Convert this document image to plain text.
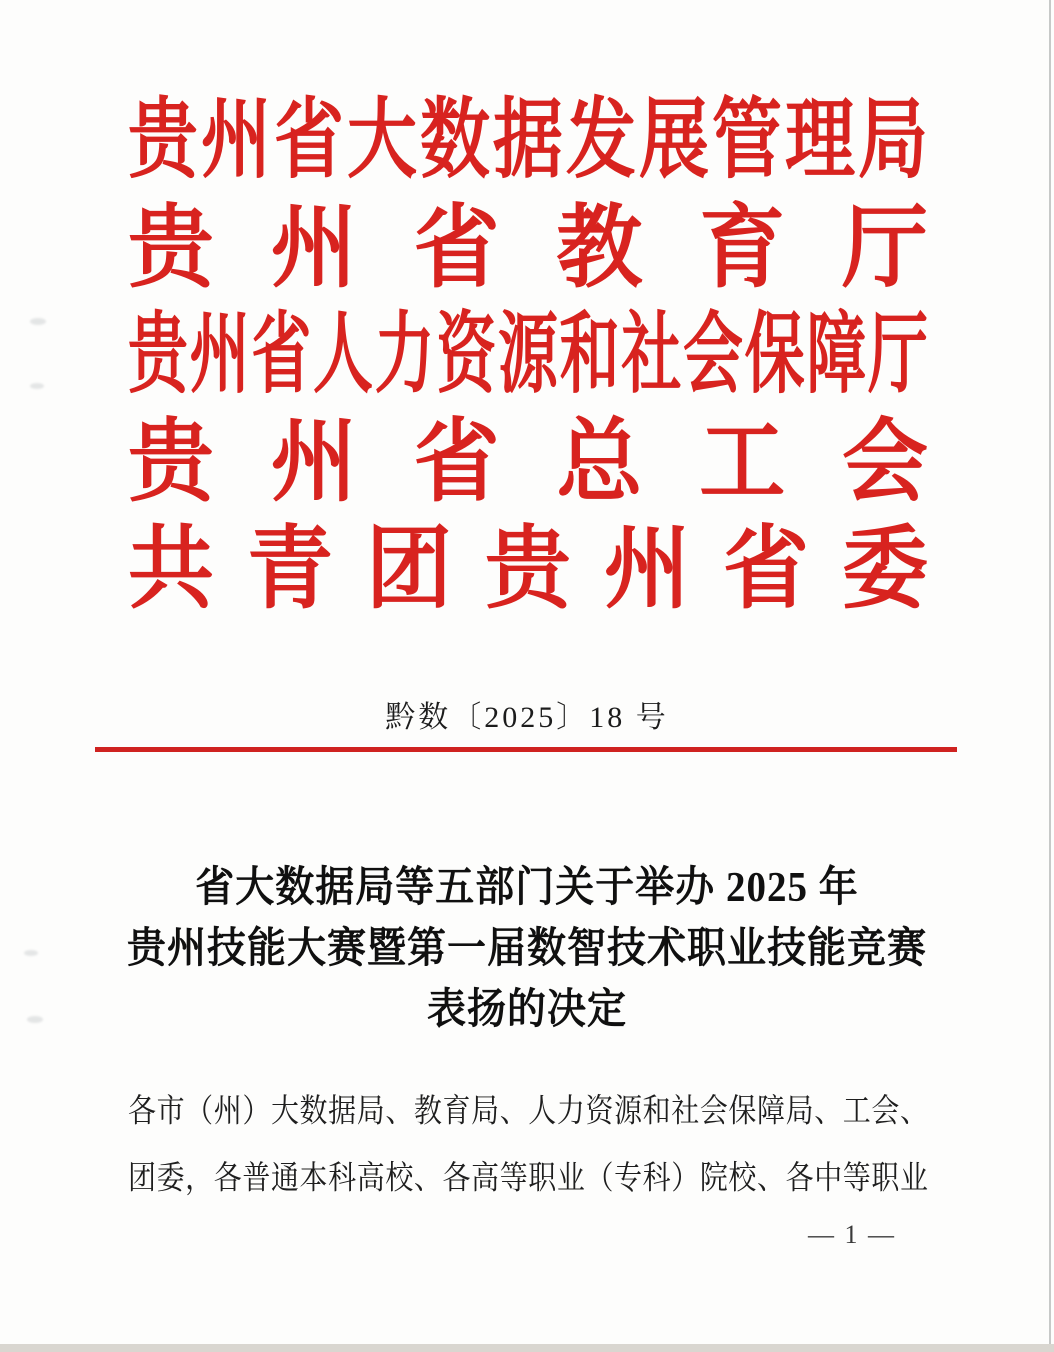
贵州省大数据发展管理局
贵州省教育厅
贵州省人力资源和社会保障厅
贵州省总工会
共青团贵州省委
黔数〔2025〕18 号
省大数据局等五部门关于举办 2025 年
贵州技能大赛暨第一届数智技术职业技能竞赛
表扬的决定
各市（州）大数据局、教育局、人力资源和社会保障局、工会、
团委，各普通本科高校、各高等职业（专科）院校、各中等职业
— 1 —
